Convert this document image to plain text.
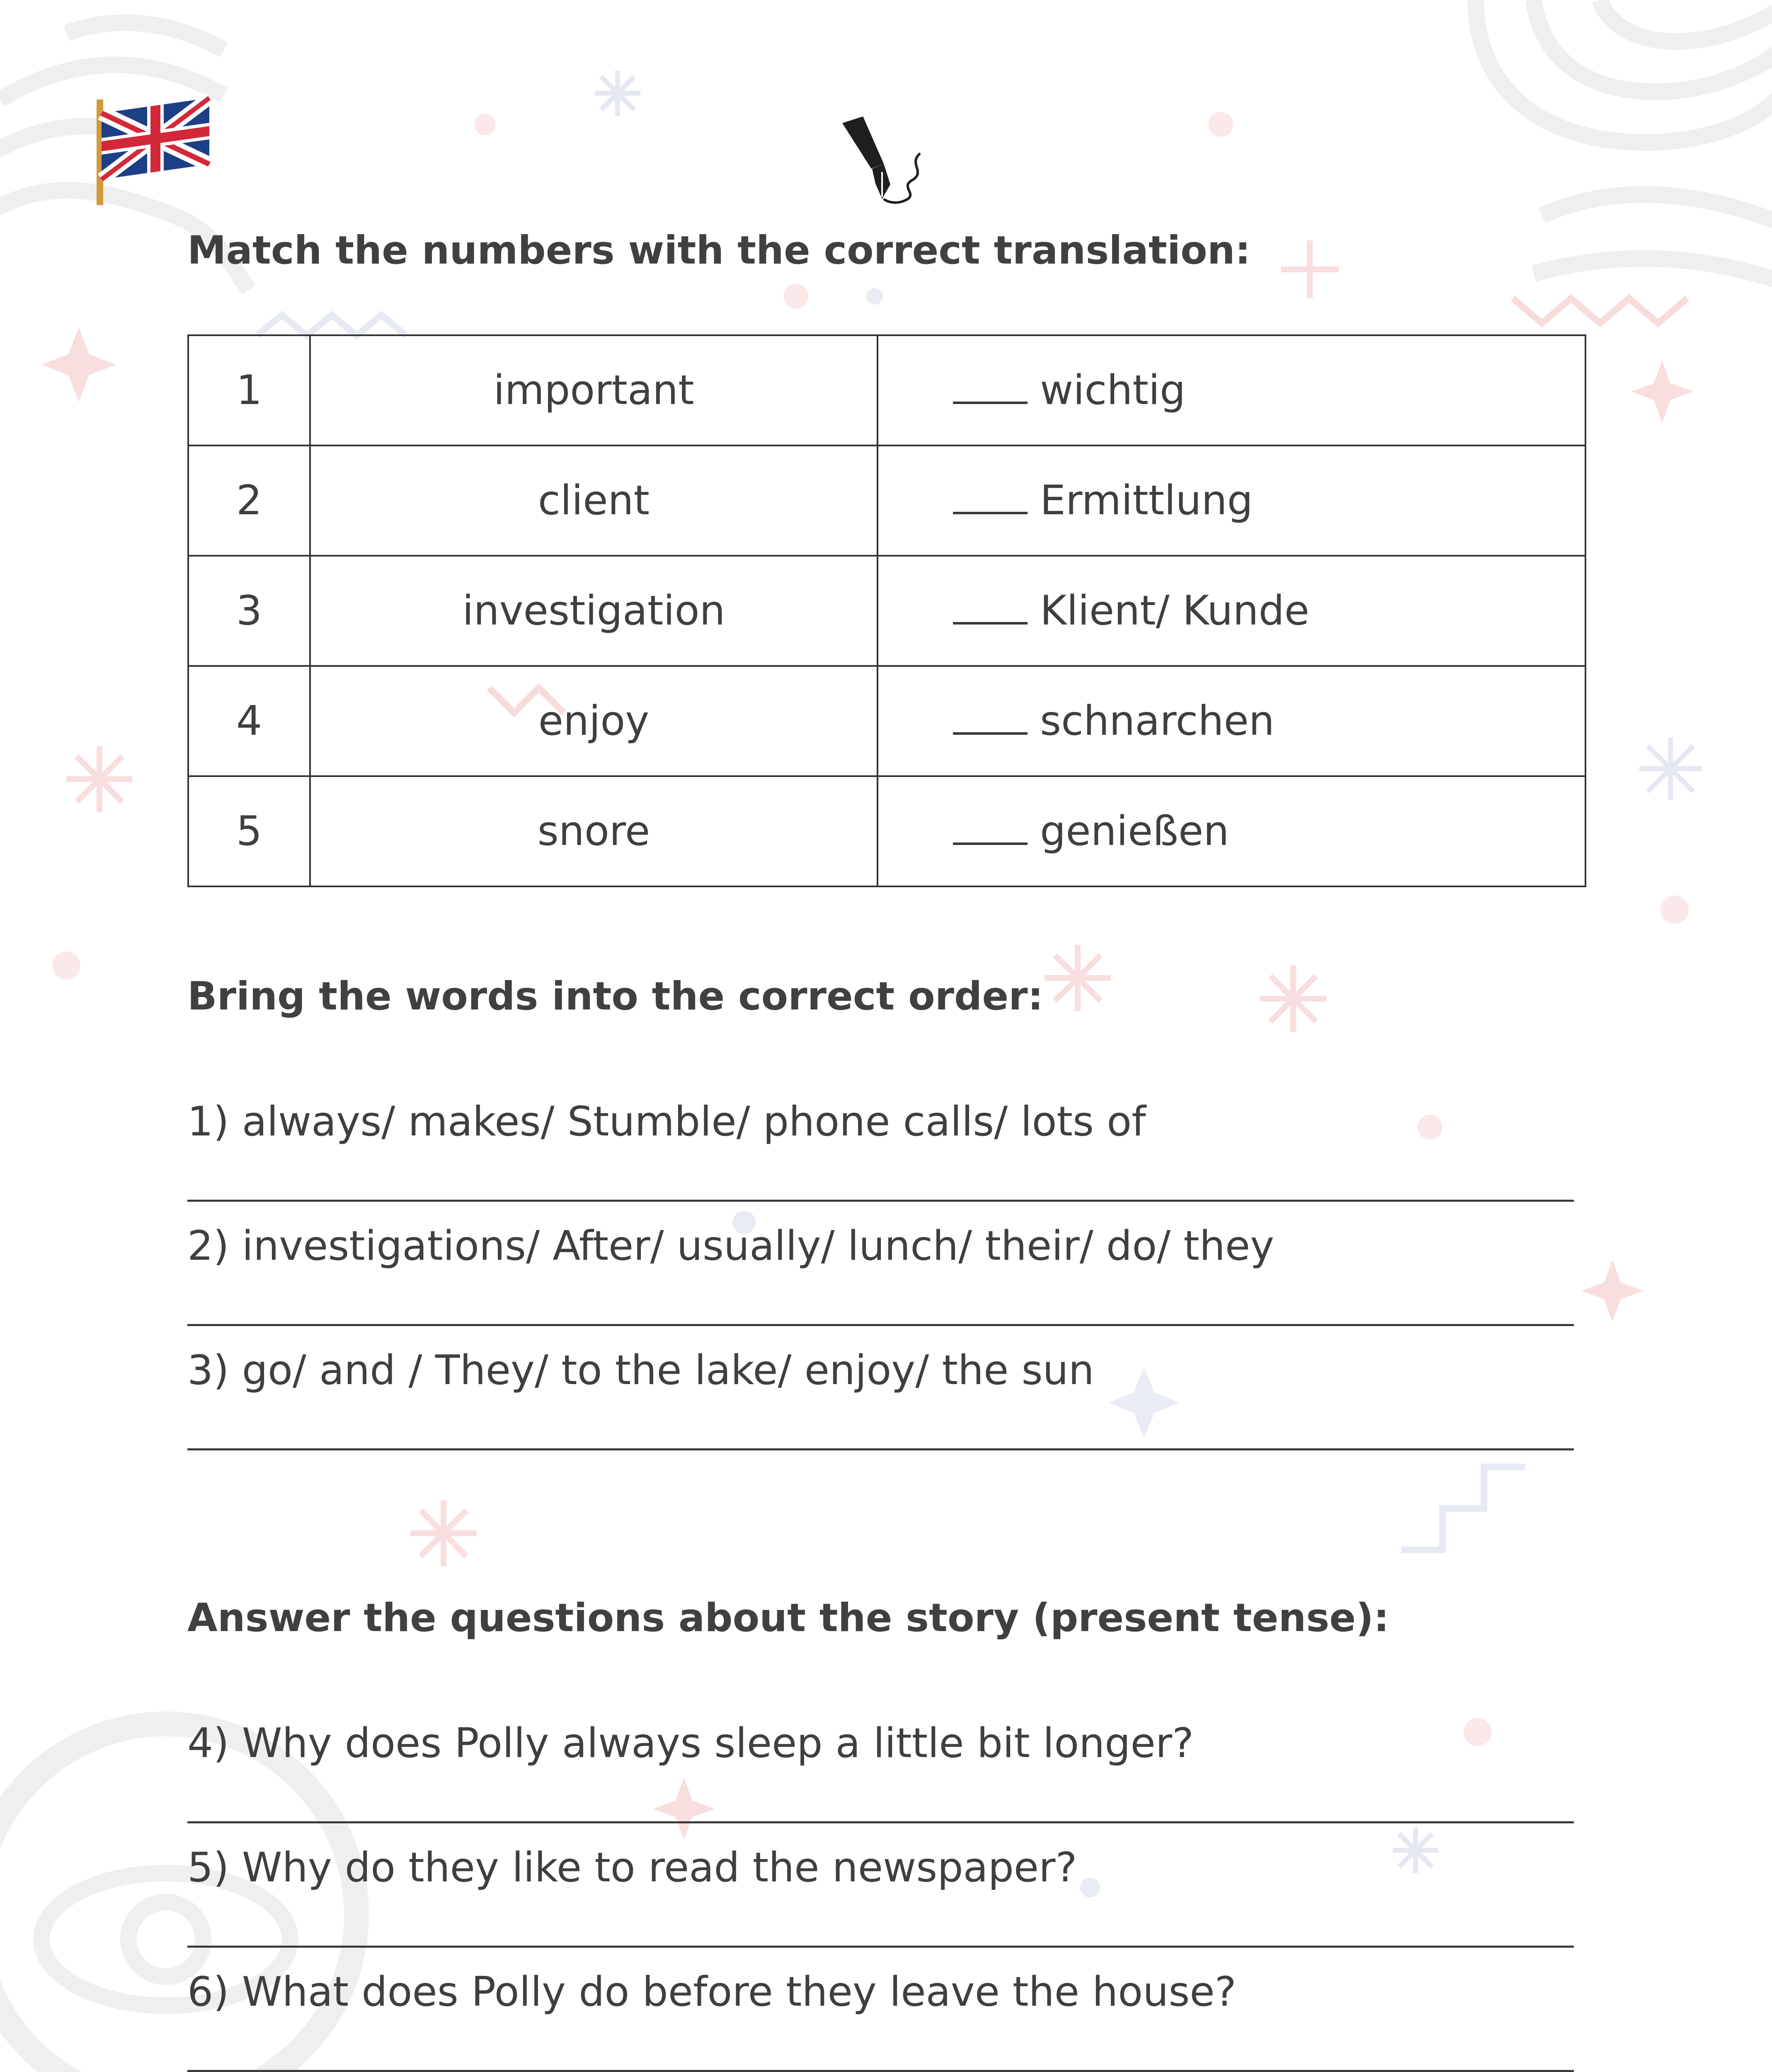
Match the numbers with the correct translation:
1	important	wichtig
2	client	Ermittlung
3	investigation	Klient/ Kunde
4	enjoy	schnarchen
5	snore	genießen
Bring the words into the correct order:
1) always/ makes/ Stumble/ phone calls/ lots of
2) investigations/ After/ usually/ lunch/ their/ do/ they
3) go/ and / They/ to the lake/ enjoy/ the sun
Answer the questions about the story (present tense):
4) Why does Polly always sleep a little bit longer?
5) Why do they like to read the newspaper?
6) What does Polly do before they leave the house?
